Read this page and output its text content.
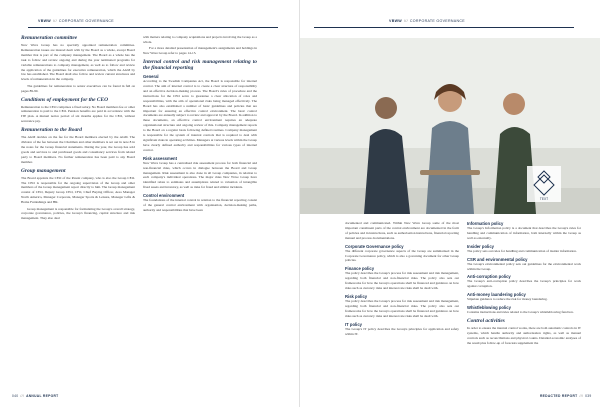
VBWW /// CORPORATE GOVERNANCE
Remuneration committee

New Wave Group has no specially appointed remuneration committee. Remuneration issues are instead dealt with by the Board as a whole, except Board member that is part of the company management. The Board as a whole has the task to follow and review ongoing and during the year terminated programs for variable remunerations to company management, as well as to follow and review the application of the guidelines for executive remuneration, which the AGM by law has established. The Board shall also follow and review current structures and levels of remuneration in the company.

The guidelines for remuneration to senior executives can be found in full on pages 89-90.

Conditions of employment for the CEO

Remuneration to the CEO comprises a fixed salary. No Board members fee or other remuneration is paid to the CEO. Pension benefits are paid in accordance with the ITP plan. A mutual notice period of six months applies for the CEO, without severance pay.

Remuneration to the Board

The AGM decides on the fee for the Board members elected by the AGM. The division of the fee between the Chairman and other members is set out in note 8 in the notes for the Group financial statements. During the year, the Group has sold goods and services to and purchased goods and consultancy services from related party to Board members. No further remuneration has been paid to any Board member.

Group management

The Board appoints the CEO of the Parent company, who is also the Group CEO. The CEO is responsible for the ongoing supervision of the Group and other members of the Group management report directly to him. The Group management consist of CEO, Deputy Group CEO, CFO, Chief Buying Officer, Area Manager North America, Manager Corporate, Manager Sports & Leisure, Manager Gifts & Home Furnishings and HR.

Group management is responsible for formulating the Group's overall strategy, corporate governance, policies, the Group's financing, capital structure and risk management. They also deal

with matters relating to company acquisitions and projects involving the Group as a whole.

For a more detailed presentation of management's assignments and holdings in New Wave Group refer to pages 14-15.

Internal control and risk management relating to the financial reporting
General

According to the Swedish Companies Act, the Board is responsible for internal control. The aim of internal control is to create a clear structure of responsibility and an effective decision-making process. The Board's rules of procedure and the instructions for the CEO serve to guarantee a clear allocation of roles and responsibilities, with the aim of operational risks being managed effectively. The Board has also established a number of basic guidelines and policies that are important for ensuring an effective control environment. The basic control documents are annually subject to review and approval by the Board. In addition to these documents, an effective control environment requires an adequate organisational structure and ongoing review of this. Company management reports to the Board on a regular basis following defined routines. Company management is responsible for the system of internal controls that is required to deal with significant risks in operating activities. Managers at various levels within the Group have clearly defined authority and responsibilities for various types of internal control.

Risk assessment

New Wave Group has a centralised risk assessment process for both financial and non-financial risks, which occurs in dialogue between the Board and Group management. Risk assessment is also done in all Group companies, in relation to each company's individual operations. The major risks New Wave Group have identified relate to estimates and assumptions related to valuation of intangible fixed assets and inventory, as well as risks for fraud and similar incidents.

Control environment

The foundations of the internal control in relation to the financial reporting consist of the general control environment with organisation, decision-making paths, authority and responsibilities that have been

040 /// ANNUAL REPORT
VBWW /// CORPORATE GOVERNANCE
REDACTED REPORT /// 039
TEXT

documented and communicated. Within New Wave Group some of the most important constituent parts of the control environment are documented in the form of policies and in instructions, such as authorisation instructions, financial reporting manual and process documentations.

Corporate Governance policy

The different corporate governance aspects of the Group are summarised in the Corporate Governance policy, which is also a governing document for other Group policies.

Finance policy

The policy describes the Group's process for risk assessment and risk management, regarding both financial and non-financial risks. The policy also sets out frameworks for how the Group's operations shall be financed and guidance on how risks such as currency risks and interest rate risks shall be dealt with.

Risk policy

The policy describes the Group's process for risk assessment and risk management, regarding both financial and non-financial risks. The policy also sets out frameworks for how the Group's operations shall be financed and guidance on how risks such as currency risks and interest rate risks shall be dealt with.

IT policy

The Group's IT policy describes the Group's principles for application and safety within IT.

Information policy

The Group's Information policy is a document that describes the Group's rules for handling and communication of information, both internally within the Group as well as externally.

Insider policy

The policy sets out rules for handling and communication of insider information.

CSR and environmental policy

The Group's environmental policy sets out guidelines for the environmental work within the Group.

Anti-corruption policy

The Group's anti-corruption policy describes the Group's principles for work against corruption.

Anti-money laundering policy

Stipulate guidance to reduce the risk for money laundering.

Whistleblowing policy

Contains instructions and rules related to the Group's whistleblowing function.

Control activities

In order to ensure the internal control works, there are both automatic controls in IT systems, which handle authority and authorisation rights, as well as manual controls such as reconciliations and physical counts. Detailed economic analyses of the result plus follow-up of forecasts supplement the
